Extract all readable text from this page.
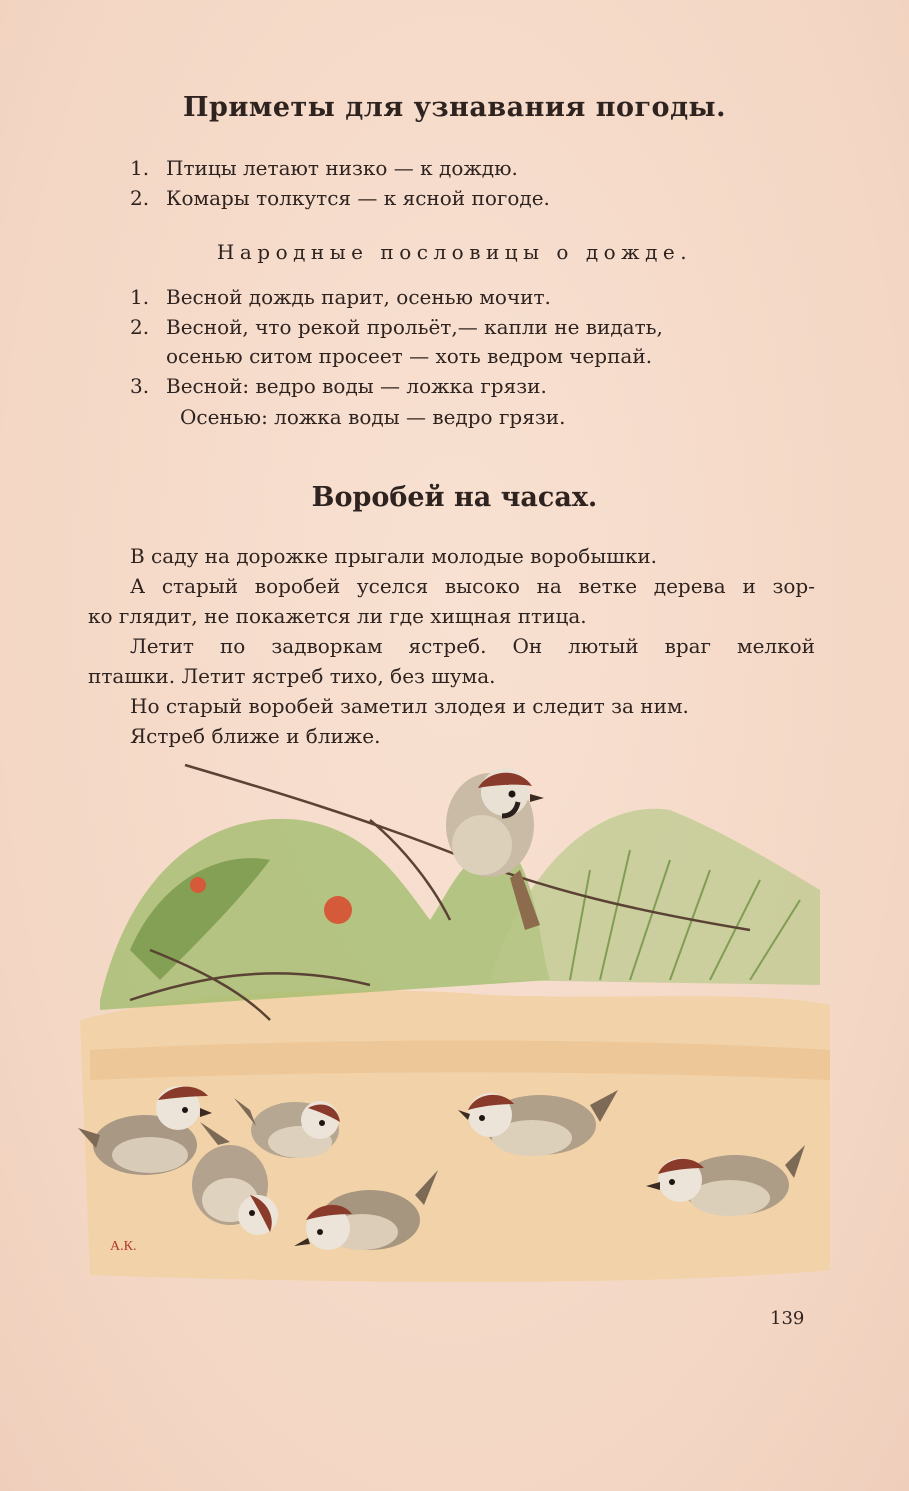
Приметы для узнавания погоды.
1. Птицы летают низко — к дождю.
2. Комары толкутся — к ясной погоде.
Народные пословицы о дожде.
1. Весной дождь парит, осенью мочит.
2. Весной, что рекой прольёт,— капли не видать,
осенью ситом просеет — хоть ведром черпай.
3. Весной: ведро воды — ложка грязи.
Осенью: ложка воды — ведро грязи.
Воробей на часах.
В саду на дорожке прыгали молодые воробышки.
А старый воробей уселся высоко на ветке дерева и зор-
ко глядит, не покажется ли где хищная птица.
Летит по задворкам ястреб. Он лютый враг мелкой
пташки. Летит ястреб тихо, без шума.
Но старый воробей заметил злодея и следит за ним.
Ястреб ближе и ближе.
А.К.
139
